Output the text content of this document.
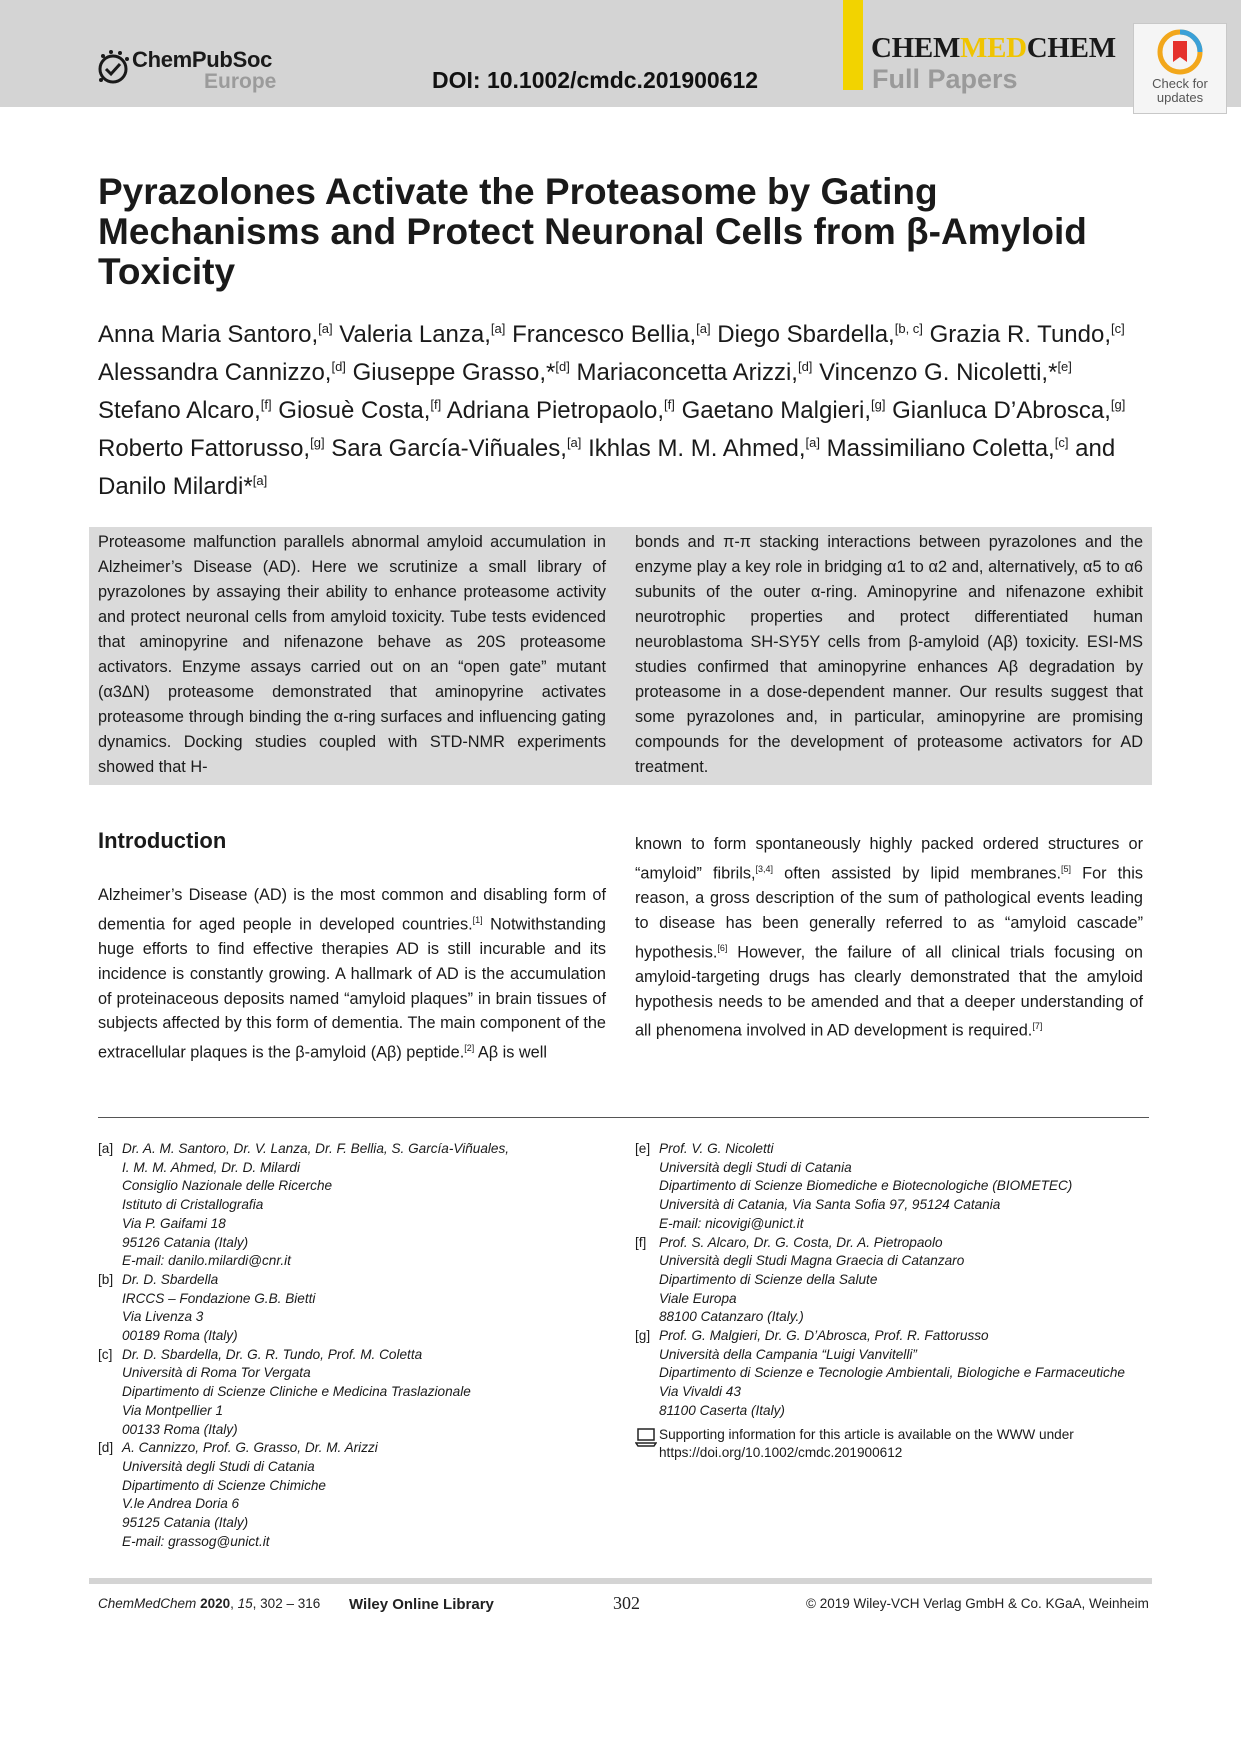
ChemPubSoc
Europe	DOI: 10.1002/cmdc.201900612
CHEMMEDCHEM
Full Papers	Check for
updates
Pyrazolones Activate the Proteasome by Gating Mechanisms and Protect Neuronal Cells from β-Amyloid Toxicity

Anna Maria Santoro,[a] Valeria Lanza,[a] Francesco Bellia,[a] Diego Sbardella,[b, c] Grazia R. Tundo,[c] Alessandra Cannizzo,[d] Giuseppe Grasso,*[d] Mariaconcetta Arizzi,[d] Vincenzo G. Nicoletti,*[e] Stefano Alcaro,[f] Giosuè Costa,[f] Adriana Pietropaolo,[f] Gaetano Malgieri,[g] Gianluca D’Abrosca,[g] Roberto Fattorusso,[g] Sara García-Viñuales,[a] Ikhlas M. M. Ahmed,[a] Massimiliano Coletta,[c] and Danilo Milardi*[a]

Proteasome malfunction parallels abnormal amyloid accumulation in Alzheimer’s Disease (AD). Here we scrutinize a small library of pyrazolones by assaying their ability to enhance proteasome activity and protect neuronal cells from amyloid toxicity. Tube tests evidenced that aminopyrine and nifenazone behave as 20S proteasome activators. Enzyme assays carried out on an “open gate” mutant (α3ΔN) proteasome demonstrated that aminopyrine activates proteasome through binding the α-ring surfaces and influencing gating dynamics. Docking studies coupled with STD-NMR experiments showed that H-

bonds and π-π stacking interactions between pyrazolones and the enzyme play a key role in bridging α1 to α2 and, alternatively, α5 to α6 subunits of the outer α-ring. Aminopyrine and nifenazone exhibit neurotrophic properties and protect differentiated human neuroblastoma SH-SY5Y cells from β-amyloid (Aβ) toxicity. ESI-MS studies confirmed that aminopyrine enhances Aβ degradation by proteasome in a dose-dependent manner. Our results suggest that some pyrazolones and, in particular, aminopyrine are promising compounds for the development of proteasome activators for AD treatment.

Introduction

Alzheimer’s Disease (AD) is the most common and disabling form of dementia for aged people in developed countries.[1] Notwithstanding huge efforts to find effective therapies AD is still incurable and its incidence is constantly growing. A hallmark of AD is the accumulation of proteinaceous deposits named “amyloid plaques” in brain tissues of subjects affected by this form of dementia. The main component of the extracellular plaques is the β-amyloid (Aβ) peptide.[2] Aβ is well

known to form spontaneously highly packed ordered structures or “amyloid” fibrils,[3,4] often assisted by lipid membranes.[5] For this reason, a gross description of the sum of pathological events leading to disease has been generally referred to as “amyloid cascade” hypothesis.[6] However, the failure of all clinical trials focusing on amyloid-targeting drugs has clearly demonstrated that the amyloid hypothesis needs to be amended and that a deeper understanding of all phenomena involved in AD development is required.[7]

[a] Dr. A. M. Santoro, Dr. V. Lanza, Dr. F. Bellia, S. García-Viñuales,
I. M. M. Ahmed, Dr. D. Milardi
Consiglio Nazionale delle Ricerche
Istituto di Cristallografia
Via P. Gaifami 18
95126 Catania (Italy)
E-mail: danilo.milardi@cnr.it
[b] Dr. D. Sbardella
IRCCS – Fondazione G.B. Bietti
Via Livenza 3
00189 Roma (Italy)
[c] Dr. D. Sbardella, Dr. G. R. Tundo, Prof. M. Coletta
Università di Roma Tor Vergata
Dipartimento di Scienze Cliniche e Medicina Traslazionale
Via Montpellier 1
00133 Roma (Italy)
[d] A. Cannizzo, Prof. G. Grasso, Dr. M. Arizzi
Università degli Studi di Catania
Dipartimento di Scienze Chimiche
V.le Andrea Doria 6
95125 Catania (Italy)
E-mail: grassog@unict.it
[e] Prof. V. G. Nicoletti
Università degli Studi di Catania
Dipartimento di Scienze Biomediche e Biotecnologiche (BIOMETEC)
Università di Catania, Via Santa Sofia 97, 95124 Catania
E-mail: nicovigi@unict.it
[f] Prof. S. Alcaro, Dr. G. Costa, Dr. A. Pietropaolo
Università degli Studi Magna Graecia di Catanzaro
Dipartimento di Scienze della Salute
Viale Europa
88100 Catanzaro (Italy.)
[g] Prof. G. Malgieri, Dr. G. D’Abrosca, Prof. R. Fattorusso
Università della Campania “Luigi Vanvitelli”
Dipartimento di Scienze e Tecnologie Ambientali, Biologiche e Farmaceutiche
Via Vivaldi 43
81100 Caserta (Italy)
Supporting information for this article is available on the WWW under
https://doi.org/10.1002/cmdc.201900612
ChemMedChem 2020, 15, 302 – 316 Wiley Online Library	302	© 2019 Wiley-VCH Verlag GmbH & Co. KGaA, Weinheim
